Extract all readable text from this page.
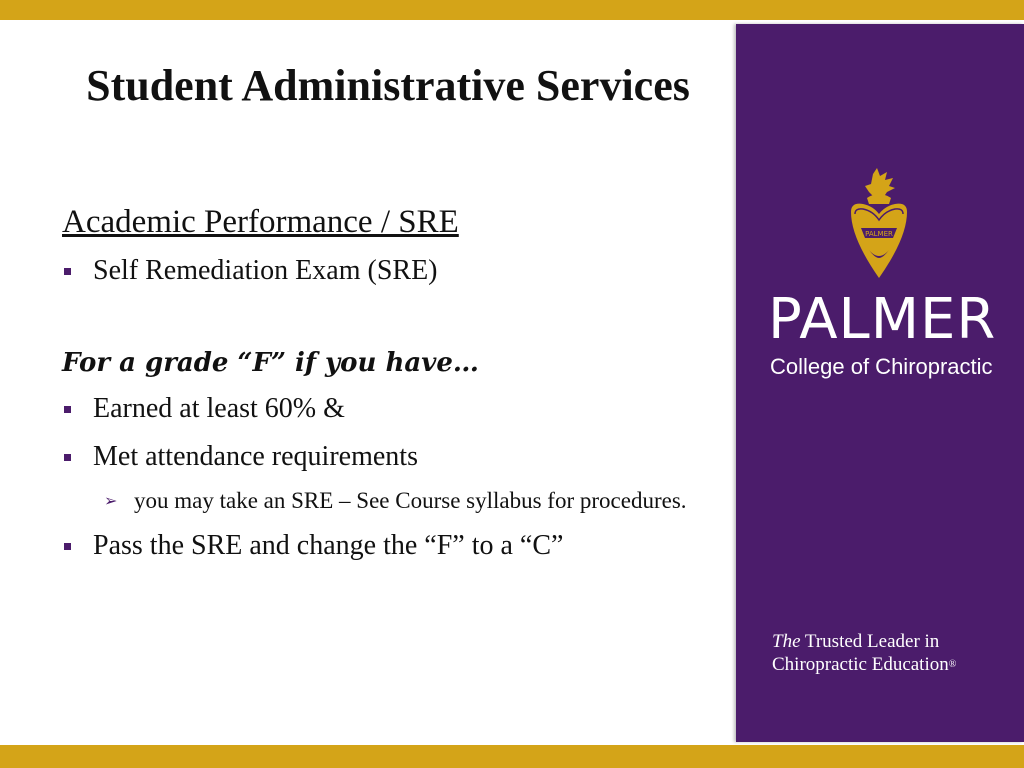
Student Administrative Services
Academic Performance / SRE
Self Remediation Exam (SRE)
For a grade “F” if you have…
Earned at least 60% &
Met attendance requirements
➢ you may take an SRE – See Course syllabus for procedures.
Pass the SRE and change the “F” to a “C”
PALMER
PALMER
College of Chiropractic
The Trusted Leader in
Chiropractic Education®
